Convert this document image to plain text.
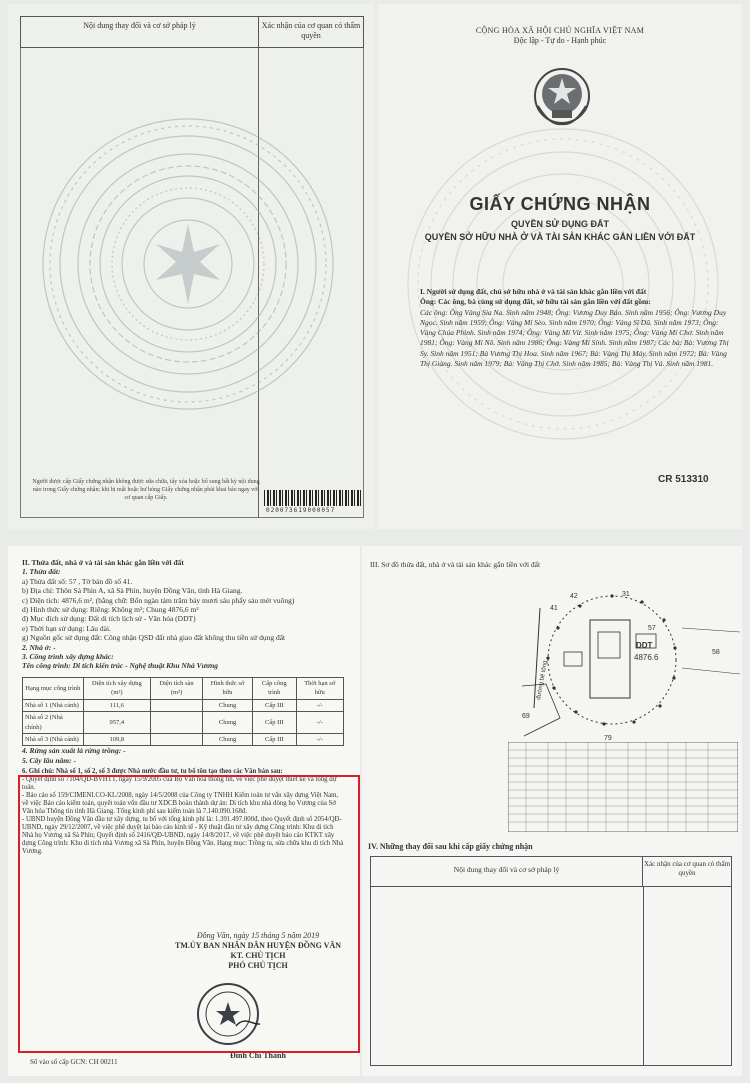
Nội dung thay đổi và cơ sở pháp lý	Xác nhận của cơ quan có thẩm quyền
Người được cấp Giấy chứng nhận không được sửa chữa, tẩy xóa hoặc bổ sung bất kỳ nội dung nào trong Giấy chứng nhận; khi bị mất hoặc hư hỏng Giấy chứng nhận phải khai báo ngay với cơ quan cấp Giấy.
020073619000057
CỘNG HÒA XÃ HỘI CHỦ NGHĨA VIỆT NAM
Độc lập - Tự do - Hạnh phúc
GIẤY CHỨNG NHẬN
QUYỀN SỬ DỤNG ĐẤT
QUYỀN SỞ HỮU NHÀ Ở VÀ TÀI SẢN KHÁC GẮN LIỀN VỚI ĐẤT
I. Người sử dụng đất, chủ sở hữu nhà ở và tài sản khác gắn liền với đất
Ông: Các ông, bà cùng sử dụng đất, sở hữu tài sản gắn liền với đất gồm:
Các ông: Ông Vàng Sia Na. Sinh năm 1948; Ông: Vương Duy Bảo. Sinh năm 1956; Ông: Vương Duy Ngọc. Sinh năm 1959; Ông: Vàng Mí Sèo. Sinh năm 1970; Ông: Vàng Sĩ Dũ. Sinh năm 1973; Ông: Vàng Chúa Phình. Sinh năm 1974; Ông: Vàng Mí Vừ. Sinh năm 1975; Ông: Vàng Mí Chơ. Sinh năm 1981; Ông: Vàng Mí Nô. Sinh năm 1986; Ông: Vàng Mí Sính. Sinh năm 1987; Các bà: Bà: Vương Thị Sy. Sinh năm 1951; Bà Vương Thị Hoa. Sinh năm 1967; Bà: Vàng Thị Máy. Sinh năm 1972; Bà: Vàng Thị Giàng. Sinh năm 1979; Bà: Vàng Thị Chờ. Sinh năm 1985; Bà: Vàng Thị Vá. Sinh năm 1981.
CR 513310

II. Thửa đất, nhà ở và tài sản khác gắn liền với đất

1. Thửa đất:

a) Thửa đất số: 57 , Tờ bản đồ số 41.

b) Địa chỉ: Thôn Sà Phìn A, xã Sà Phìn, huyện Đồng Văn, tỉnh Hà Giang.

c) Diện tích: 4876,6 m², (bằng chữ: Bốn ngàn tám trăm bảy mươi sáu phẩy sáu mét vuông)

d) Hình thức sử dụng: Riêng: Không m²; Chung 4876,6 m²

đ) Mục đích sử dụng: Đất di tích lịch sử - Văn hóa (DDT)

e) Thời hạn sử dụng: Lâu dài.

g) Nguồn gốc sử dụng đất: Công nhận QSD đất nhà giao đất không thu tiền sử dụng đất

2. Nhà ở: -

3. Công trình xây dựng khác:

Tên công trình: Di tích kiến trúc - Nghệ thuật Khu Nhà Vương

Hạng mục công trình	Diện tích xây dựng (m²)	Diện tích sàn (m²)	Hình thức sở hữu	Cấp công trình	Thời hạn sở hữu
Nhà số 1 (Nhà cánh)	111,6		Chung	Cấp III	-/-
Nhà số 2 (Nhà chính)	957,4		Chung	Cấp III	-/-
Nhà số 3 (Nhà cánh)	109,8		Chung	Cấp III	-/-

4. Rừng sản xuất là rừng trồng: -

5. Cây lâu năm: -

6. Ghi chú: Nhà số 1, số 2, số 3 được Nhà nước đầu tư, tu bổ tôn tạo theo các Văn bản sau:

- Quyết định số 7104/QĐ-BVHTT, ngày 15/9/2005 của Bộ Văn hóa thông tin, về việc phê duyệt thiết kế và tổng dự toán.

- Báo cáo số 159/CIMENI.CO-KL/2008, ngày 14/5/2008 của Công ty TNHH Kiểm toán tư vấn xây dựng Việt Nam, về việc Báo cáo kiểm toán, quyết toán vốn đầu tư XDCB hoàn thành dự án: Di tích khu nhà dòng họ Vương của Sở Văn hóa Thông tin tỉnh Hà Giang. Tổng kinh phí sau kiểm toán là 7.140.090.168đ.

- UBND huyện Đồng Văn đầu tư xây dựng, tu bổ với tổng kinh phí là: 1.391.497.000đ, theo Quyết định số 2054/QĐ-UBND, ngày 29/12/2007, về việc phê duyệt lại báo cáo kinh tế - Kỹ thuật đầu tư xây dựng Công trình: Khu di tích Nhà họ Vương xã Sà Phìn; Quyết định số 2416/QĐ-UBND, ngày 14/8/2017, về việc phê duyệt báo cáo KTKT xây dựng Công trình: Khu di tích nhà Vương xã Sà Phìn, huyện Đồng Văn. Hạng mục: Trồng tu, sửa chữa khu di tích Nhà Vương.

Đồng Văn, ngày 15 tháng 5 năm 2019
TM.ỦY BAN NHÂN DÂN HUYỆN ĐỒNG VĂN
KT. CHỦ TỊCH
PHÓ CHỦ TỊCH
Đinh Chí Thành
Số vào sổ cấp GCN: CH 00211
III. Sơ đồ thửa đất, nhà ở và tài sản khác gắn liền với đất
42	31
41
57
58
DDT
4876.6
69
79
đường bê tông
IV. Những thay đổi sau khi cấp giấy chứng nhận
Nội dung thay đổi và cơ sở pháp lý
Xác nhận của cơ quan có thẩm quyền
